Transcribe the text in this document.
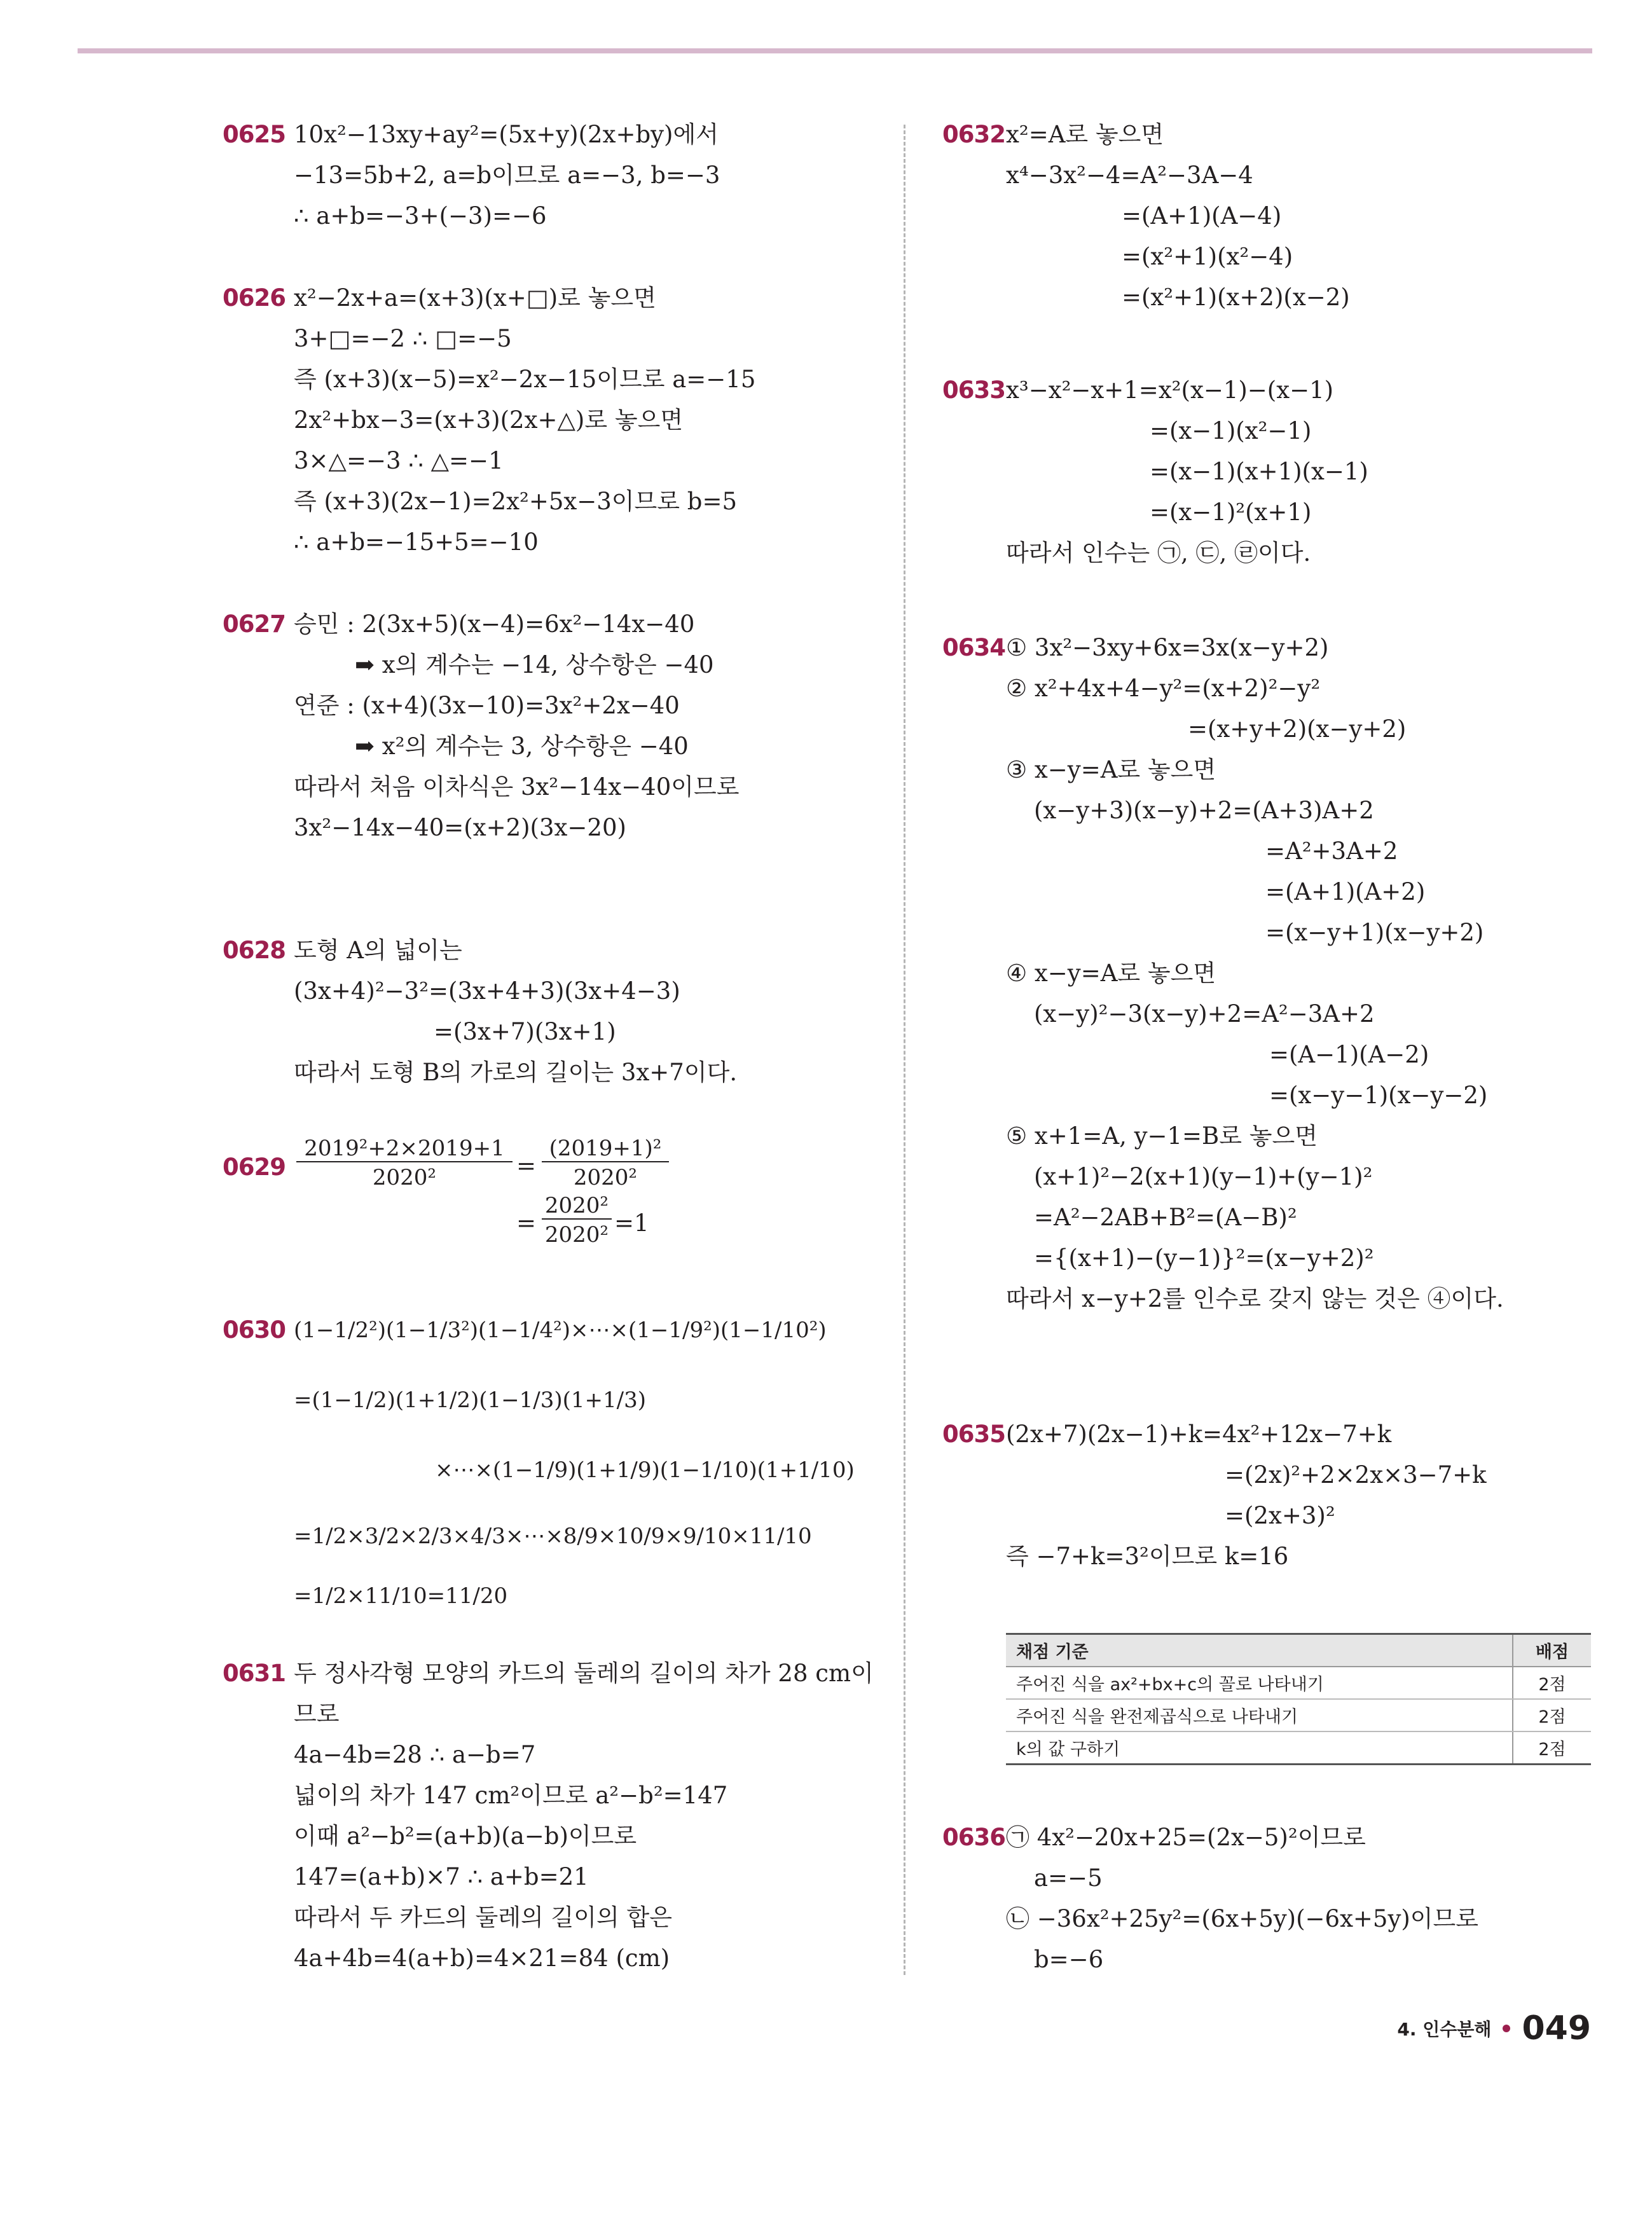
0625 10x²−13xy+ay²=(5x+y)(2x+by)에서
−13=5b+2, a=b이므로 a=−3, b=−3
∴ a+b=−3+(−3)=−6
0626 x²−2x+a=(x+3)(x+□)로 놓으면
3+□=−2 ∴ □=−5
즉 (x+3)(x−5)=x²−2x−15이므로 a=−15
2x²+bx−3=(x+3)(2x+△)로 놓으면
3×△=−3 ∴ △=−1
즉 (x+3)(2x−1)=2x²+5x−3이므로 b=5
∴ a+b=−15+5=−10
0627 승민 : 2(3x+5)(x−4)=6x²−14x−40
➡ x의 계수는 −14, 상수항은 −40
연준 : (x+4)(3x−10)=3x²+2x−40
➡ x²의 계수는 3, 상수항은 −40
따라서 처음 이차식은 3x²−14x−40이므로
3x²−14x−40=(x+2)(3x−20)
0628 도형 A의 넓이는
(3x+4)²−3²=(3x+4+3)(3x+4−3)
=(3x+7)(3x+1)
따라서 도형 B의 가로의 길이는 3x+7이다.
0629
2019²+2×2019+1
2020²	=
(2019+1)²
2020²
=
2020²
2020² =1
0630 (1−1/2²)(1−1/3²)(1−1/4²)×⋯×(1−1/9²)(1−1/10²)
=(1−1/2)(1+1/2)(1−1/3)(1+1/3)
×⋯×(1−1/9)(1+1/9)(1−1/10)(1+1/10)
=1/2×3/2×2/3×4/3×⋯×8/9×10/9×9/10×11/10
=1/2×11/10=11/20
0631 두 정사각형 모양의 카드의 둘레의 길이의 차가 28 cm이
므로
4a−4b=28 ∴ a−b=7
넓이의 차가 147 cm²이므로 a²−b²=147
이때 a²−b²=(a+b)(a−b)이므로
147=(a+b)×7 ∴ a+b=21
따라서 두 카드의 둘레의 길이의 합은
4a+4b=4(a+b)=4×21=84 (cm)
0632 x²=A로 놓으면
x⁴−3x²−4=A²−3A−4
=(A+1)(A−4)
=(x²+1)(x²−4)
=(x²+1)(x+2)(x−2)
0633 x³−x²−x+1=x²(x−1)−(x−1)
=(x−1)(x²−1)
=(x−1)(x+1)(x−1)
=(x−1)²(x+1)
따라서 인수는 ㉠, ㉢, ㉣이다.
0634 ① 3x²−3xy+6x=3x(x−y+2)
② x²+4x+4−y²=(x+2)²−y²
=(x+y+2)(x−y+2)
③ x−y=A로 놓으면
(x−y+3)(x−y)+2=(A+3)A+2
=A²+3A+2
=(A+1)(A+2)
=(x−y+1)(x−y+2)
④ x−y=A로 놓으면
(x−y)²−3(x−y)+2=A²−3A+2
=(A−1)(A−2)
=(x−y−1)(x−y−2)
⑤ x+1=A, y−1=B로 놓으면
(x+1)²−2(x+1)(y−1)+(y−1)²
=A²−2AB+B²=(A−B)²
={(x+1)−(y−1)}²=(x−y+2)²
따라서 x−y+2를 인수로 갖지 않는 것은 ④이다.
0635 (2x+7)(2x−1)+k=4x²+12x−7+k
=(2x)²+2×2x×3−7+k
=(2x+3)²
즉 −7+k=3²이므로 k=16
채점 기준	배점
주어진 식을 ax²+bx+c의 꼴로 나타내기	2점
주어진 식을 완전제곱식으로 나타내기	2점
k의 값 구하기	2점
0636 ㉠ 4x²−20x+25=(2x−5)²이므로
a=−5
㉡ −36x²+25y²=(6x+5y)(−6x+5y)이므로
b=−6
4. 인수분해 049
